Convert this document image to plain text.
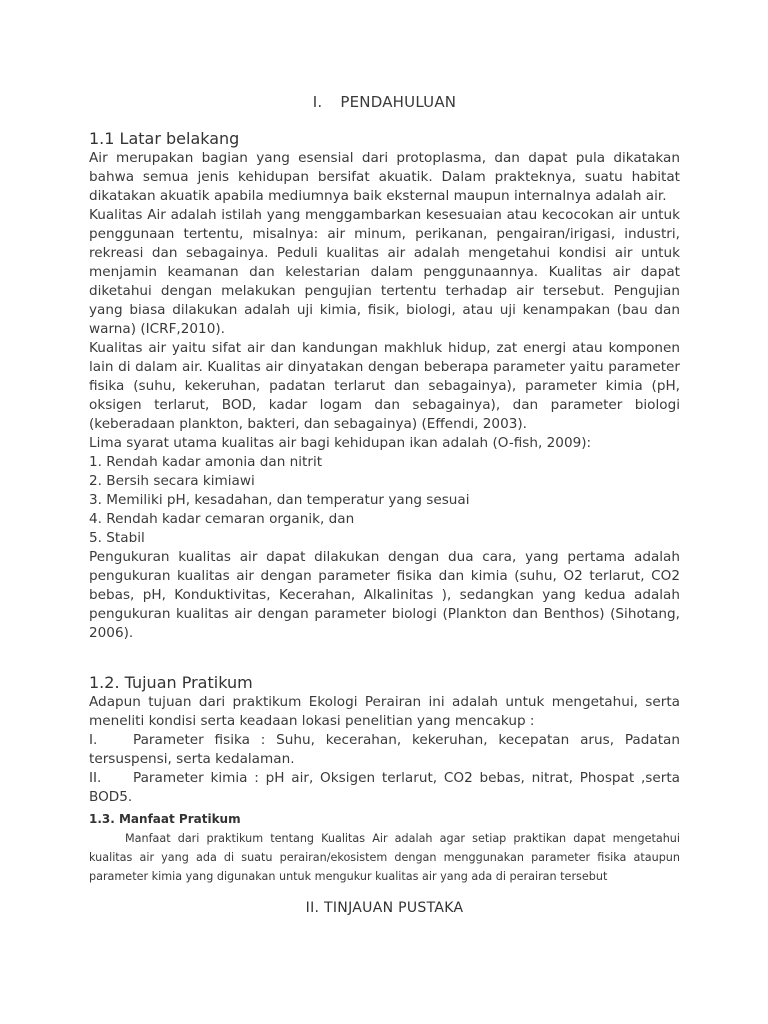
I. PENDAHULUAN
1.1 Latar belakang

Air merupakan bagian yang esensial dari protoplasma, dan dapat pula dikatakan bahwa semua jenis kehidupan bersifat akuatik. Dalam prakteknya, suatu habitat dikatakan akuatik apabila mediumnya baik eksternal maupun internalnya adalah air.

Kualitas Air adalah istilah yang menggambarkan kesesuaian atau kecocokan air untuk penggunaan tertentu, misalnya: air minum, perikanan, pengairan/irigasi, industri, rekreasi dan sebagainya. Peduli kualitas air adalah mengetahui kondisi air untuk menjamin keamanan dan kelestarian dalam penggunaannya. Kualitas air dapat diketahui dengan melakukan pengujian tertentu terhadap air tersebut. Pengujian yang biasa dilakukan adalah uji kimia, fisik, biologi, atau uji kenampakan (bau dan warna) (ICRF,2010).

Kualitas air yaitu sifat air dan kandungan makhluk hidup, zat energi atau komponen lain di dalam air. Kualitas air dinyatakan dengan beberapa parameter yaitu parameter fisika (suhu, kekeruhan, padatan terlarut dan sebagainya), parameter kimia (pH, oksigen terlarut, BOD, kadar logam dan sebagainya), dan parameter biologi (keberadaan plankton, bakteri, dan sebagainya) (Effendi, 2003).

Lima syarat utama kualitas air bagi kehidupan ikan adalah (O-fish, 2009):

1. Rendah kadar amonia dan nitrit
2. Bersih secara kimiawi
3. Memiliki pH, kesadahan, dan temperatur yang sesuai
4. Rendah kadar cemaran organik, dan
5. Stabil

Pengukuran kualitas air dapat dilakukan dengan dua cara, yang pertama adalah pengukuran kualitas air dengan parameter fisika dan kimia (suhu, O2 terlarut, CO2 bebas, pH, Konduktivitas, Kecerahan, Alkalinitas ), sedangkan yang kedua adalah pengukuran kualitas air dengan parameter biologi (Plankton dan Benthos) (Sihotang, 2006).

1.2. Tujuan Pratikum

Adapun tujuan dari praktikum Ekologi Perairan ini adalah untuk mengetahui, serta meneliti kondisi serta keadaan lokasi penelitian yang mencakup :

I.	Parameter fisika : Suhu, kecerahan, kekeruhan, kecepatan arus, Padatan tersuspensi, serta kedalaman.

II. Parameter kimia : pH air, Oksigen terlarut, CO2 bebas, nitrat, Phospat ,serta BOD5.

1.3. Manfaat Pratikum

Manfaat dari praktikum tentang Kualitas Air adalah agar setiap praktikan dapat mengetahui kualitas air yang ada di suatu perairan/ekosistem dengan menggunakan parameter fisika ataupun parameter kimia yang digunakan untuk mengukur kualitas air yang ada di perairan tersebut

II. TINJAUAN PUSTAKA
